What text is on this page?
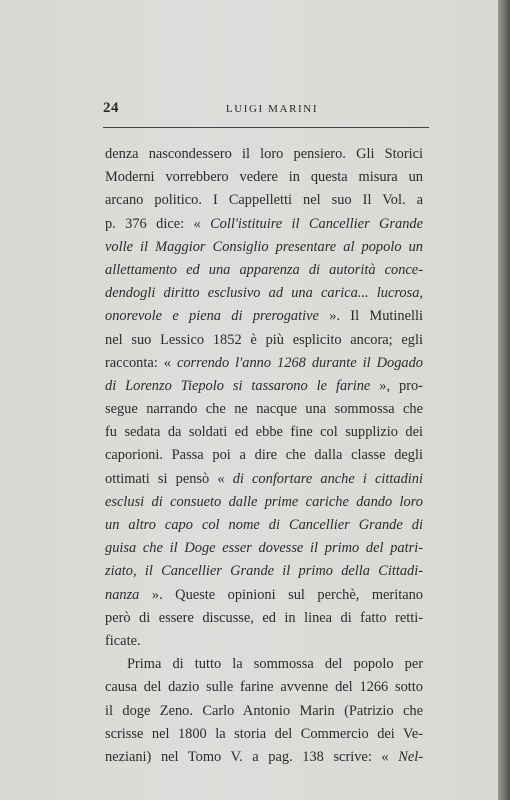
24	LUIGI MARINI
denza nascondessero il loro pensiero. Gli Storici
Moderni vorrebbero vedere in questa misura un
arcano politico. I Cappelletti nel suo Il Vol. a
p. 376 dice: « Coll'istituire il Cancellier Grande
volle il Maggior Consiglio presentare al popolo un
allettamento ed una apparenza di autorità conce-
dendogli diritto esclusivo ad una carica... lucrosa,
onorevole e piena di prerogative ». Il Mutinelli
nel suo Lessico 1852 è più esplicito ancora; egli
raccontа: « correndo l'anno 1268 durante il Dogado
di Lorenzo Tiepolo si tassarono le farine », pro-
segue narrando che ne nacque una sommossa che
fu sedata da soldati ed ebbe fine col supplizio dei
caporioni. Passa poi a dire che dalla classe degli
ottimati si pensò « di confortare anche i cittadini
esclusi di consueto dalle prime cariche dando loro
un altro capo col nome di Cancellier Grande di
guisa che il Doge esser dovesse il primo del patri-
ziato, il Cancellier Grande il primo della Cittadi-
nanza ». Queste opinioni sul perchè, meritano
però di essere discusse, ed in linea di fatto retti-
ficate.
Prima di tutto la sommossa del popolo per
causa del dazio sulle farine avvenne del 1266 sotto
il doge Zeno. Carlo Antonio Marin (Patrizio che
scrisse nel 1800 la storia del Commercio dei Ve-
neziani) nel Tomo V. a pag. 138 scrive: « Nel-
